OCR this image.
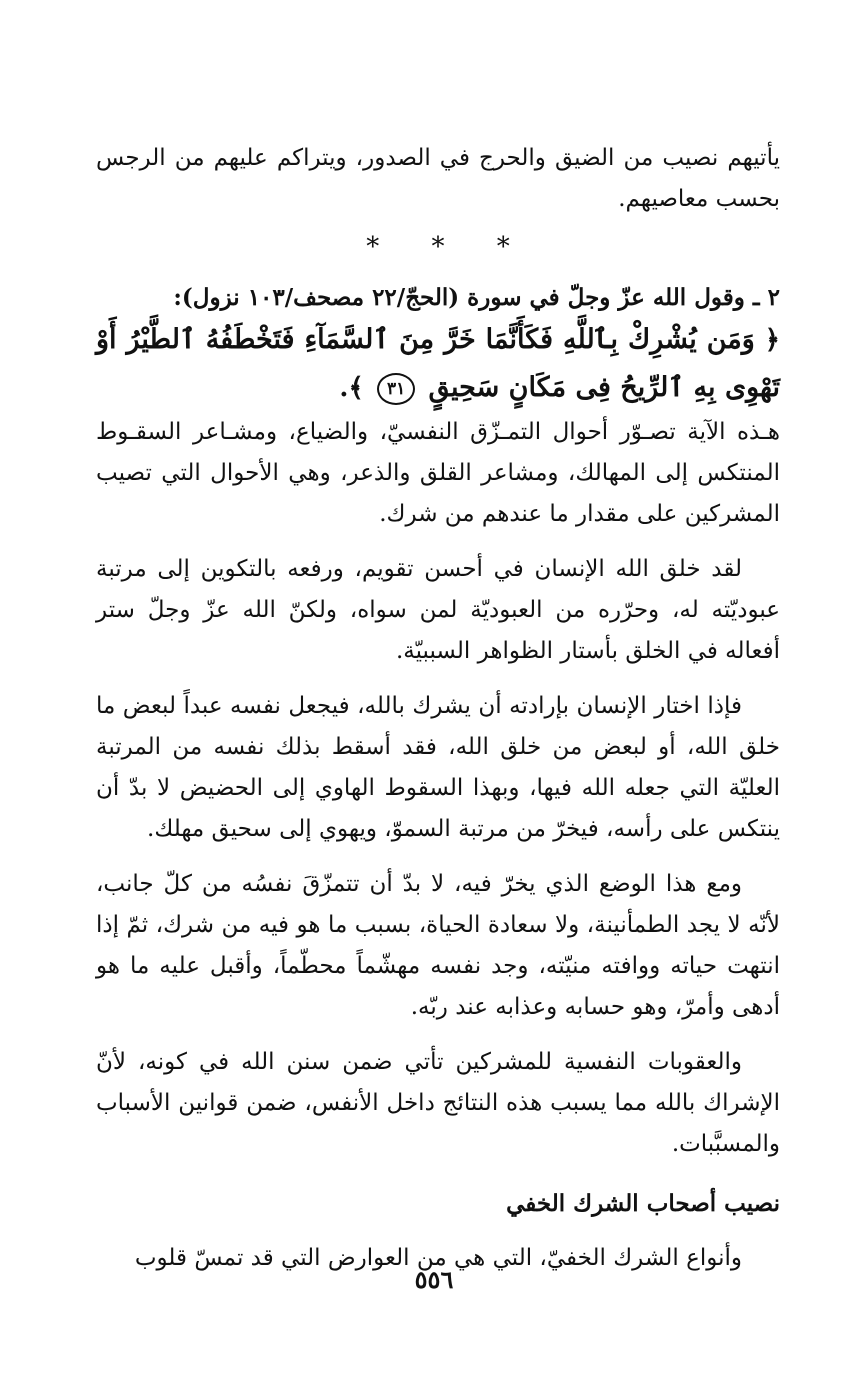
يأتيهم نصيب من الضيق والحرج في الصدور، ويتراكم عليهم من الرجس بحسب معاصيهم.

* * *

٢ ـ وقول الله عزّ وجلّ في سورة (الحجّ/٢٢ مصحف/١٠٣ نزول):

﴿ وَمَن يُشْرِكْ بِٱللَّهِ فَكَأَنَّمَا خَرَّ مِنَ ٱلسَّمَآءِ فَتَخْطَفُهُ ٱلطَّيْرُ أَوْ تَهْوِى بِهِ ٱلرِّيحُ فِى مَكَانٍ سَحِيقٍ ٣١ ﴾.

هـذه الآية تصـوّر أحوال التمـزّق النفسيّ، والضياع، ومشـاعر السقـوط المنتكس إلى المهالك، ومشاعر القلق والذعر، وهي الأحوال التي تصيب المشركين على مقدار ما عندهم من شرك.

لقد خلق الله الإنسان في أحسن تقويم، ورفعه بالتكوين إلى مرتبة عبوديّته له، وحرّره من العبوديّة لمن سواه، ولكنّ الله عزّ وجلّ ستر أفعاله في الخلق بأستار الظواهر السببيّة.

فإذا اختار الإنسان بإرادته أن يشرك بالله، فيجعل نفسه عبداً لبعض ما خلق الله، أو لبعض من خلق الله، فقد أسقط بذلك نفسه من المرتبة العليّة التي جعله الله فيها، وبهذا السقوط الهاوي إلى الحضيض لا بدّ أن ينتكس على رأسه، فيخرّ من مرتبة السموّ، ويهوي إلى سحيق مهلك.

ومع هذا الوضع الذي يخرّ فيه، لا بدّ أن تتمزّقَ نفسُه من كلّ جانب، لأنّه لا يجد الطمأنينة، ولا سعادة الحياة، بسبب ما هو فيه من شرك، ثمّ إذا انتهت حياته ووافته منيّته، وجد نفسه مهشّماً محطّماً، وأقبل عليه ما هو أدهى وأمرّ، وهو حسابه وعذابه عند ربّه.

والعقوبات النفسية للمشركين تأتي ضمن سنن الله في كونه، لأنّ الإشراك بالله مما يسبب هذه النتائج داخل الأنفس، ضمن قوانين الأسباب والمسبَّبات.

نصيب أصحاب الشرك الخفي

وأنواع الشرك الخفيّ، التي هي من العوارض التي قد تمسّ قلوب

٥٥٦
